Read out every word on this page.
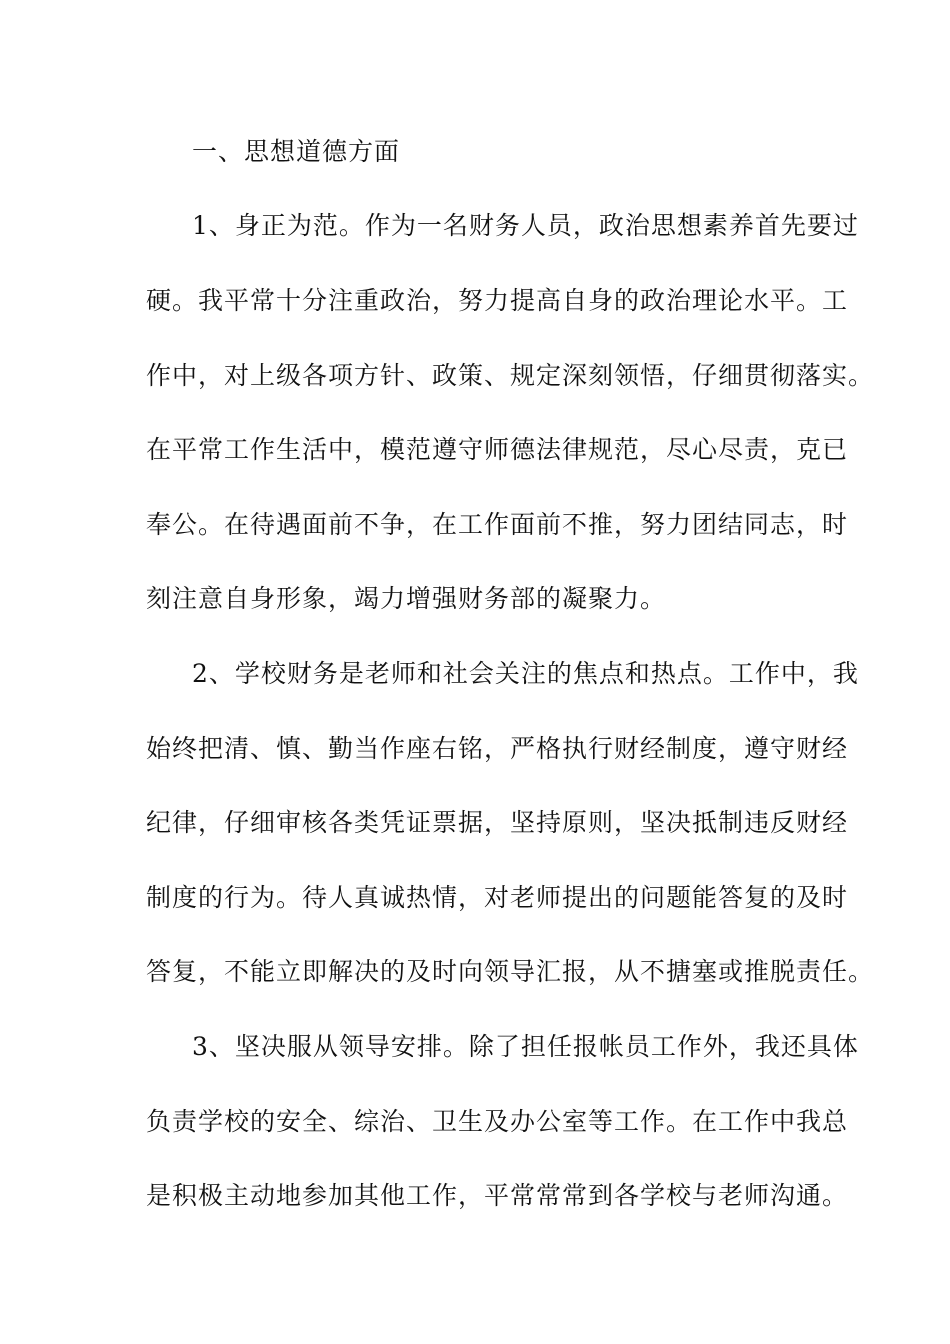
一、思想道德方面
1、身正为范。作为一名财务人员，政治思想素养首先要过
硬。我平常十分注重政治，努力提高自身的政治理论水平。工
作中，对上级各项方针、政策、规定深刻领悟，仔细贯彻落实。
在平常工作生活中，模范遵守师德法律规范，尽心尽责，克已
奉公。在待遇面前不争，在工作面前不推，努力团结同志，时
刻注意自身形象，竭力增强财务部的凝聚力。
2、学校财务是老师和社会关注的焦点和热点。工作中，我
始终把清、慎、勤当作座右铭，严格执行财经制度，遵守财经
纪律，仔细审核各类凭证票据，坚持原则，坚决抵制违反财经
制度的行为。待人真诚热情，对老师提出的问题能答复的及时
答复，不能立即解决的及时向领导汇报，从不搪塞或推脱责任。
3、坚决服从领导安排。除了担任报帐员工作外，我还具体
负责学校的安全、综治、卫生及办公室等工作。在工作中我总
是积极主动地参加其他工作，平常常常到各学校与老师沟通。
